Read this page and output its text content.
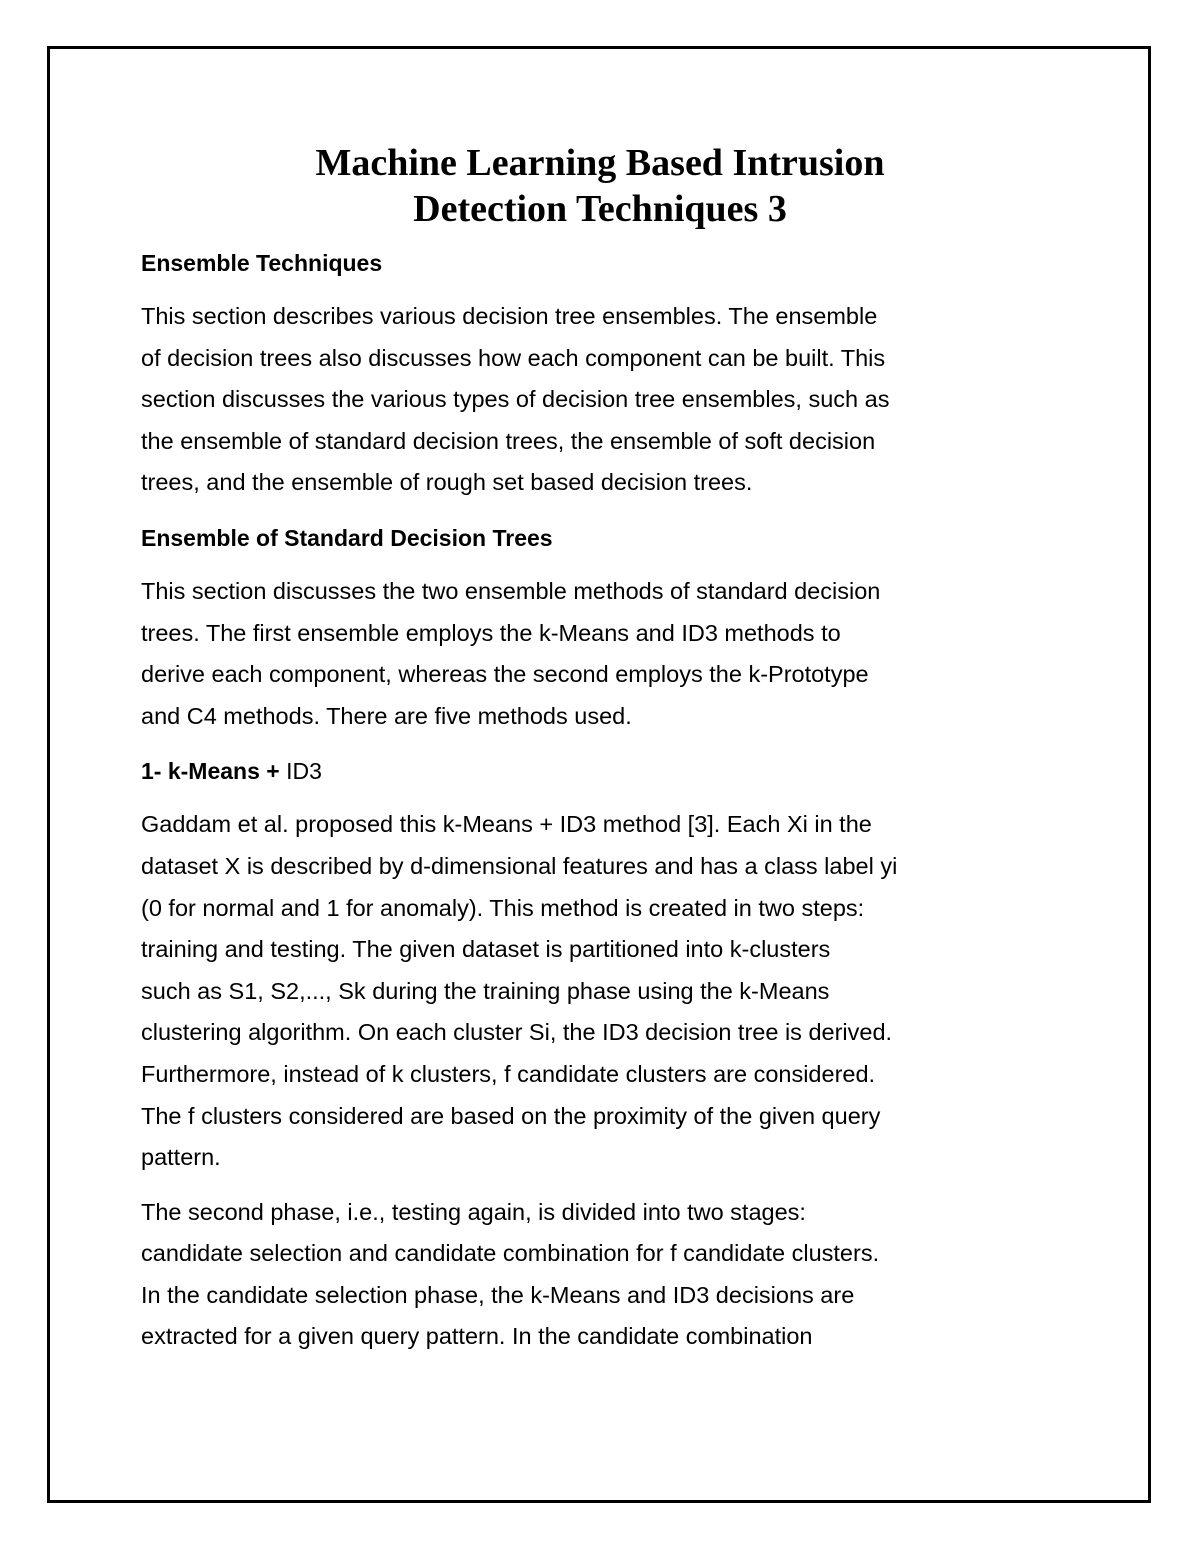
Machine Learning Based Intrusion
Detection Techniques 3
Ensemble Techniques
This section describes various decision tree ensembles. The ensemble
of decision trees also discusses how each component can be built. This
section discusses the various types of decision tree ensembles, such as
the ensemble of standard decision trees, the ensemble of soft decision
trees, and the ensemble of rough set based decision trees.
Ensemble of Standard Decision Trees
This section discusses the two ensemble methods of standard decision
trees. The first ensemble employs the k-Means and ID3 methods to
derive each component, whereas the second employs the k-Prototype
and C4 methods. There are five methods used.
1- k-Means + ID3
Gaddam et al. proposed this k-Means + ID3 method [3]. Each Xi in the
dataset X is described by d-dimensional features and has a class label yi
(0 for normal and 1 for anomaly). This method is created in two steps:
training and testing. The given dataset is partitioned into k-clusters
such as S1, S2,..., Sk during the training phase using the k-Means
clustering algorithm. On each cluster Si, the ID3 decision tree is derived.
Furthermore, instead of k clusters, f candidate clusters are considered.
The f clusters considered are based on the proximity of the given query
pattern.
The second phase, i.e., testing again, is divided into two stages:
candidate selection and candidate combination for f candidate clusters.
In the candidate selection phase, the k-Means and ID3 decisions are
extracted for a given query pattern. In the candidate combination
